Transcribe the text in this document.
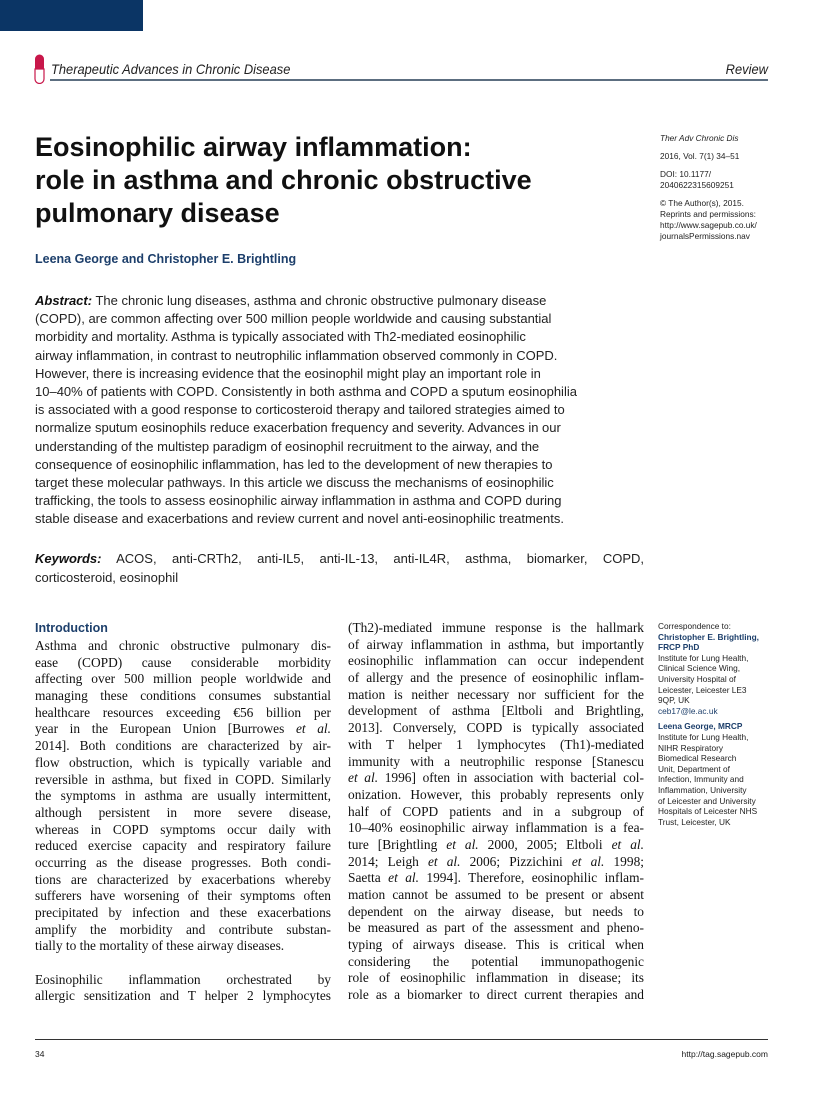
Therapeutic Advances in Chronic Disease	Review
Eosinophilic airway inflammation:
role in asthma and chronic obstructive
pulmonary disease
Leena George and Christopher E. Brightling
Ther Adv Chronic Dis
2016, Vol. 7(1) 34–51
DOI: 10.1177/
2040622315609251
© The Author(s), 2015.
Reprints and permissions:
http://www.sagepub.co.uk/
journalsPermissions.nav
Abstract: The chronic lung diseases, asthma and chronic obstructive pulmonary disease
(COPD), are common affecting over 500 million people worldwide and causing substantial
morbidity and mortality. Asthma is typically associated with Th2-mediated eosinophilic
airway inflammation, in contrast to neutrophilic inflammation observed commonly in COPD.
However, there is increasing evidence that the eosinophil might play an important role in
10–40% of patients with COPD. Consistently in both asthma and COPD a sputum eosinophilia
is associated with a good response to corticosteroid therapy and tailored strategies aimed to
normalize sputum eosinophils reduce exacerbation frequency and severity. Advances in our
understanding of the multistep paradigm of eosinophil recruitment to the airway, and the
consequence of eosinophilic inflammation, has led to the development of new therapies to
target these molecular pathways. In this article we discuss the mechanisms of eosinophilic
trafficking, the tools to assess eosinophilic airway inflammation in asthma and COPD during
stable disease and exacerbations and review current and novel anti-eosinophilic treatments.
Keywords: ACOS, anti-CRTh2, anti-IL5, anti-IL-13, anti-IL4R, asthma, biomarker, COPD,
corticosteroid, eosinophil
Introduction
Asthma and chronic obstructive pulmonary dis-
ease (COPD) cause considerable morbidity
affecting over 500 million people worldwide and
managing these conditions consumes substantial
healthcare resources exceeding €56 billion per
year in the European Union [Burrowes et al.
2014]. Both conditions are characterized by air-
flow obstruction, which is typically variable and
reversible in asthma, but fixed in COPD. Similarly
the symptoms in asthma are usually intermittent,
although persistent in more severe disease,
whereas in COPD symptoms occur daily with
reduced exercise capacity and respiratory failure
occurring as the disease progresses. Both condi-
tions are characterized by exacerbations whereby
sufferers have worsening of their symptoms often
precipitated by infection and these exacerbations
amplify the morbidity and contribute substan-
tially to the mortality of these airway diseases.
Eosinophilic inflammation orchestrated by
allergic sensitization and T helper 2 lymphocytes
(Th2)-mediated immune response is the hallmark
of airway inflammation in asthma, but importantly
eosinophilic inflammation can occur independent
of allergy and the presence of eosinophilic inflam-
mation is neither necessary nor sufficient for the
development of asthma [Eltboli and Brightling,
2013]. Conversely, COPD is typically associated
with T helper 1 lymphocytes (Th1)-mediated
immunity with a neutrophilic response [Stanescu
et al. 1996] often in association with bacterial col-
onization. However, this probably represents only
half of COPD patients and in a subgroup of
10–40% eosinophilic airway inflammation is a fea-
ture [Brightling et al. 2000, 2005; Eltboli et al.
2014; Leigh et al. 2006; Pizzichini et al. 1998;
Saetta et al. 1994]. Therefore, eosinophilic inflam-
mation cannot be assumed to be present or absent
dependent on the airway disease, but needs to
be measured as part of the assessment and pheno-
typing of airways disease. This is critical when
considering the potential immunopathogenic
role of eosinophilic inflammation in disease; its
role as a biomarker to direct current therapies and
Correspondence to:
Christopher E. Brightling,
FRCP PhD
Institute for Lung Health,
Clinical Science Wing,
University Hospital of
Leicester, Leicester LE3
9QP, UK
ceb17@le.ac.uk
Leena George, MRCP
Institute for Lung Health,
NIHR Respiratory
Biomedical Research
Unit, Department of
Infection, Immunity and
Inflammation, University
of Leicester and University
Hospitals of Leicester NHS
Trust, Leicester, UK
34	http://tag.sagepub.com
